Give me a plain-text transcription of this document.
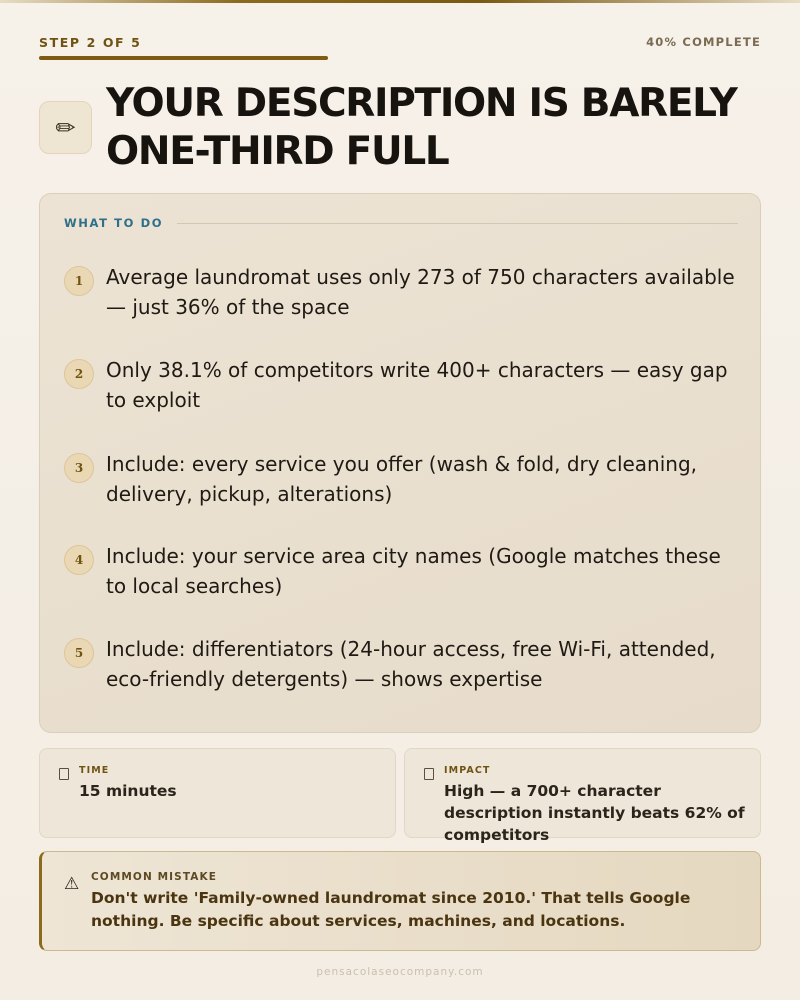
STEP 2 OF 5	40% COMPLETE
✏
YOUR DESCRIPTION IS BARELY ONE-THIRD FULL
WHAT TO DO
1	Average laundromat uses only 273 of 750 characters available — just 36% of the space
2	Only 38.1% of competitors write 400+ characters — easy gap to exploit
3	Include: every service you offer (wash & fold, dry cleaning, delivery, pickup, alterations)
4	Include: your service area city names (Google matches these to local searches)
5	Include: differentiators (24-hour access, free Wi-Fi, attended, eco-friendly detergents) — shows expertise
TIME
15 minutes
IMPACT
High — a 700+ character description instantly beats 62% of competitors
⚠ COMMON MISTAKE
Don't write 'Family-owned laundromat since 2010.' That tells Google nothing. Be specific about services, machines, and locations.
pensacolaseocompany.com
